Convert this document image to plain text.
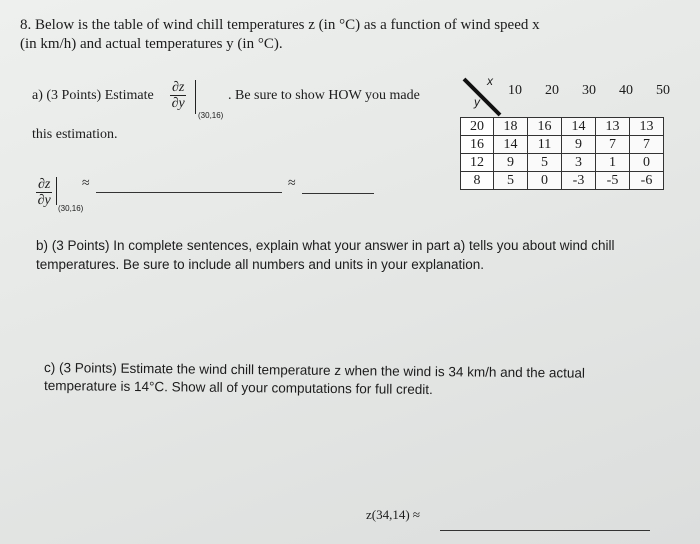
8. Below is the table of wind chill temperatures z (in °C) as a function of wind speed x
(in km/h) and actual temperatures y (in °C).
a) (3 Points) Estimate $\frac{\partial z}{\partial y}$
(30,16)
. Be sure to show HOW you made
this estimation.
$\frac{\partial z}{\partial y}$
(30,16)
≈	≈
x
y
10	20	30	40	50
20	18	16	14	13	13
16	14	11	9	7	7
12	9	5	3	1	0
8	5	0	-3	-5	-6
b) (3 Points) In complete sentences, explain what your answer in part a) tells you about wind chill
temperatures. Be sure to include all numbers and units in your explanation.
c) (3 Points) Estimate the wind chill temperature z when the wind is 34 km/h and the actual
temperature is 14°C. Show all of your computations for full credit.
z(34,14) ≈
